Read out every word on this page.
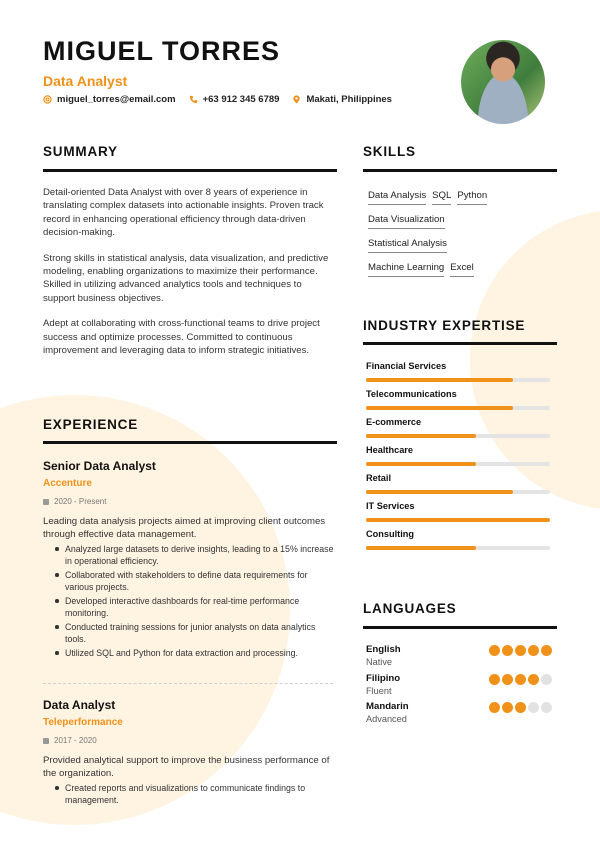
MIGUEL TORRES
Data Analyst
miguel_torres@email.com	+63 912 345 6789	Makati, Philippines
SUMMARY

Detail-oriented Data Analyst with over 8 years of experience in translating complex datasets into actionable insights. Proven track record in enhancing operational efficiency through data-driven decision-making.

Strong skills in statistical analysis, data visualization, and predictive modeling, enabling organizations to maximize their performance. Skilled in utilizing advanced analytics tools and techniques to support business objectives.

Adept at collaborating with cross-functional teams to drive project success and optimize processes. Committed to continuous improvement and leveraging data to inform strategic initiatives.

SKILLS
Data Analysis SQL Python
Data Visualization
Statistical Analysis
Machine Learning Excel
INDUSTRY EXPERTISE
Financial Services
Telecommunications
E-commerce
Healthcare
Retail
IT Services
Consulting
LANGUAGES
English
Native
Filipino
Fluent
Mandarin
Advanced
EXPERIENCE
Senior Data Analyst
Accenture
2020 - Present
Leading data analysis projects aimed at improving client outcomes through effective data management.
Analyzed large datasets to derive insights, leading to a 15% increase in operational efficiency.
Collaborated with stakeholders to define data requirements for various projects.
Developed interactive dashboards for real-time performance monitoring.
Conducted training sessions for junior analysts on data analytics tools.
Utilized SQL and Python for data extraction and processing.
Data Analyst
Teleperformance
2017 - 2020
Provided analytical support to improve the business performance of the organization.
Created reports and visualizations to communicate findings to management.
